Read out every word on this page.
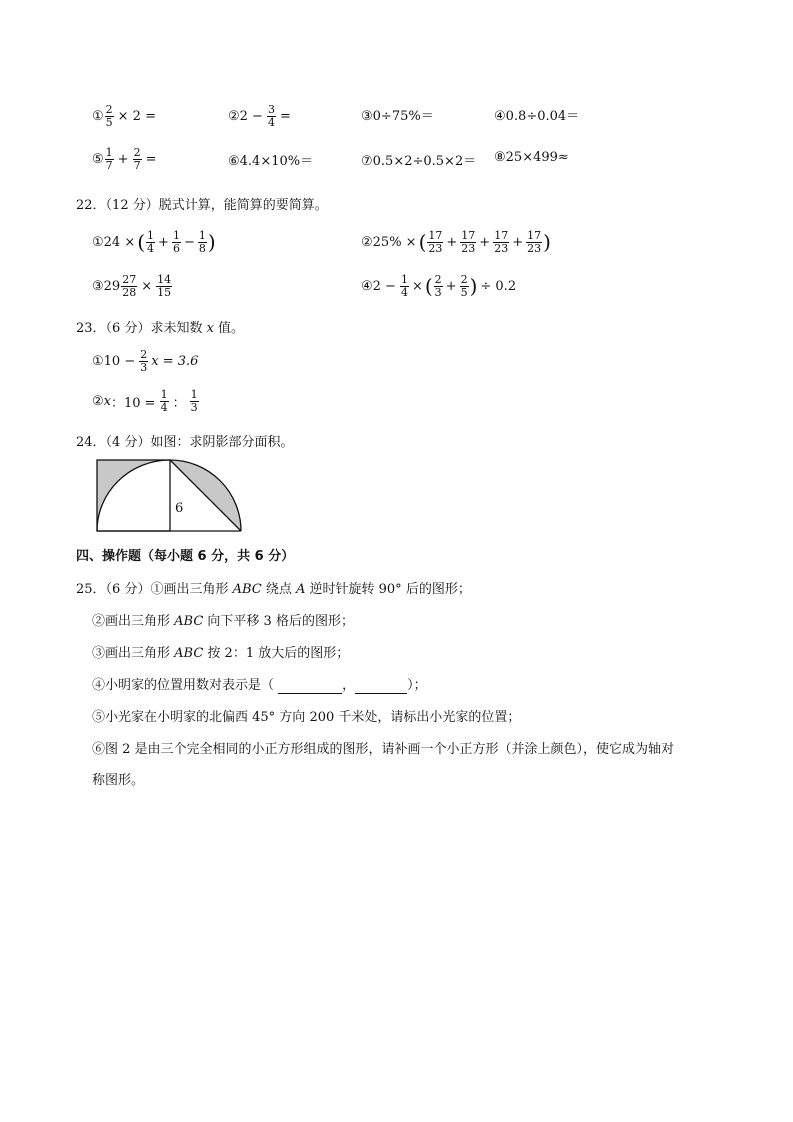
① $\frac{2}{5} \times 2$ =	② $2 - \frac{3}{4}$ =	③0÷75%＝	④0.8÷0.04＝
⑤ $\frac{1}{7} + \frac{2}{7}$ =	⑥4.4×10%＝	⑦0.5×2÷0.5×2＝ ⑧25×499≈
22．（12 分）脱式计算，能简算的要简算。
①24 × ( $\frac{1}{4} + \frac{1}{6} - \frac{1}{8}$ )	②25% × ( $\frac{17}{23} + \frac{17}{23} + \frac{17}{23} + \frac{17}{23}$ )
③29 $\frac{27}{28} \times \frac{14}{15}$	④2 − $\frac{1}{4}$ × ( $\frac{2}{3} + \frac{2}{5}$ ) ÷ 0.2
23．（6 分）求未知数 x 值。
①10 − $\frac{2}{3}$ x = 3.6
② x ：$10 = \frac{1}{4}$ ： $\frac{1}{3}$
24．（4 分）如图：求阴影部分面积。
6
四、操作题（每小题 6 分，共 6 分）
25．（6 分）①画出三角形 ABC 绕点 A 逆时针旋转 90° 后的图形；
②画出三角形 ABC 向下平移 3 格后的图形；
③画出三角形 ABC 按 2：1 放大后的图形；
④小明家的位置用数对表示是（	，	）；
⑤小光家在小明家的北偏西 45° 方向 200 千米处，请标出小光家的位置；
⑥图 2 是由三个完全相同的小正方形组成的图形，请补画一个小正方形（并涂上颜色），使它成为轴对
称图形。
